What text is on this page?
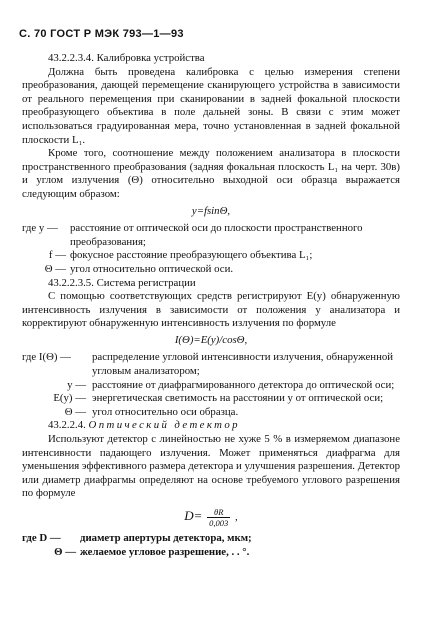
С. 70 ГОСТ Р МЭК 793—1—93

43.2.2.3.4. Калибровка устройства

Должна быть проведена калибровка с целью измерения степени преобразования, дающей перемещение сканирующего устройства в зависимости от реального перемещения при сканировании в задней фокальной плоскости преобразующего объектива в поле дальней зоны. В связи с этим может использоваться градуированная мера, точно установленная в задней фокальной плоскости L₁.

Кроме того, соотношение между положением анализатора в плоскости пространственного преобразования (задняя фокальная плоскость L₁ на черт. 30в) и углом излучения (Θ) относительно выходной оси образца выражается следующим образом:

y=fsinΘ,
где y —	расстояние от оптической оси до плоскости пространственного преобразования;
f — фокусное расстояние преобразующего объектива L₁;
Θ — угол относительно оптической оси.

43.2.2.3.5. Система регистрации

С помощью соответствующих средств регистрируют E(y) обнаруженную интенсивность излучения в зависимости от положения y анализатора и корректируют обнаруженную интенсивность излучения по формуле

I(Θ)=E(y)/cosΘ,
где I(Θ) —	распределение угловой интенсивности излучения, обнаруженной угловым анализатором;
y — расстояние от диафрагмированного детектора до оптической оси;
E(y) — энергетическая светимость на расстоянии y от оптической оси;
Θ — угол относительно оси образца.

43.2.2.4. Оптический детектор

Используют детектор с линейностью не хуже 5 % в измеряемом диапазоне интенсивности падающего излучения. Может применяться диафрагма для уменьшения эффективного размера детектора и улучшения разрешения. Детектор или диаметр диафрагмы определяют на основе требуемого углового разрешения по формуле

$D= \frac{\theta R}{0,003}$ ,
где D —	диаметр апертуры детектора, мкм;
Θ — желаемое угловое разрешение, . . °.
